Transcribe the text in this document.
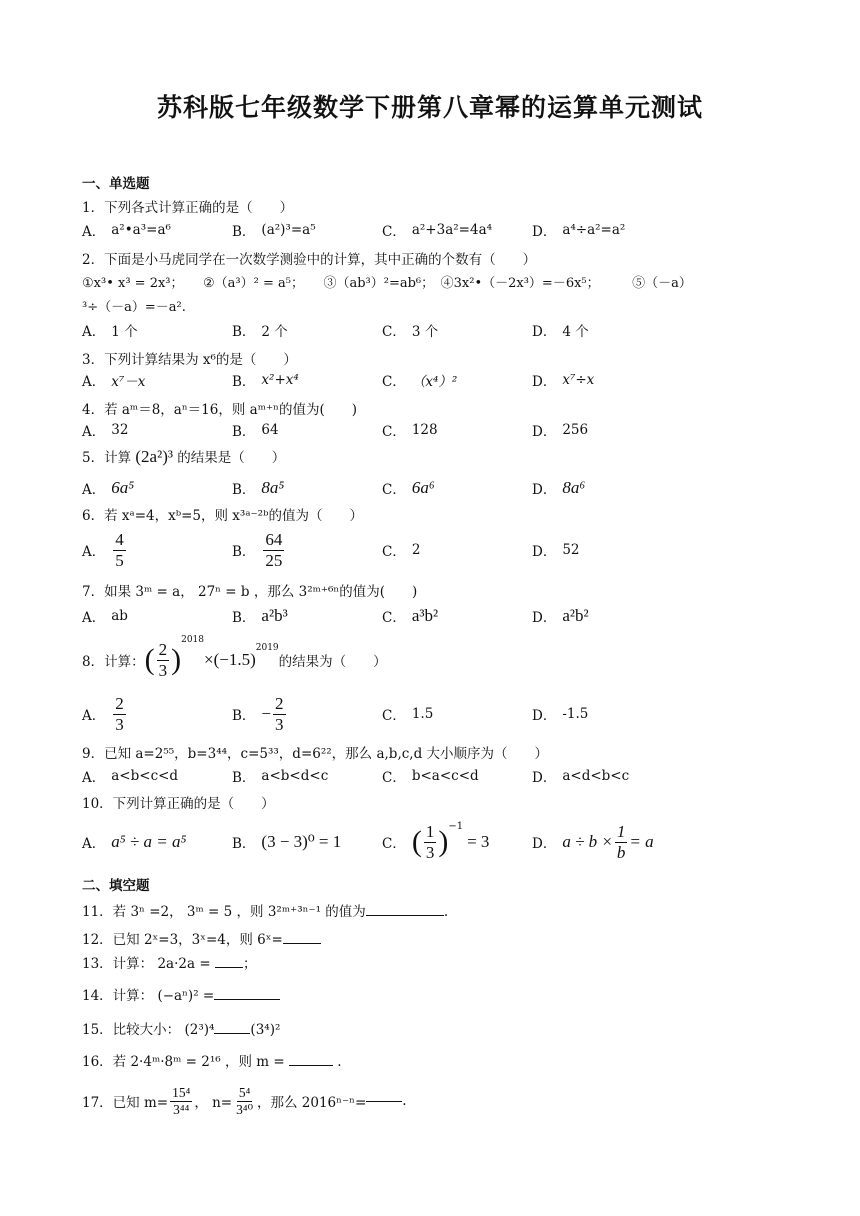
苏科版七年级数学下册第八章幂的运算单元测试
一、单选题
1．下列各式计算正确的是（　　）
A． a²•a³=a⁶	B． (a²)³=a⁵	C． a²+3a²=4a⁴	D． a⁴÷a²=a²
2．下面是小马虎同学在一次数学测验中的计算，其中正确的个数有（　　）
①x³• x³ = 2x³；　　②（a³）² = a⁵；　　③（ab³）²=ab⁶；　④3x²•（－2x³）=－6x⁵；　　　⑤（－a）
³÷（－a）=－a².
A． 1 个	B． 2 个	C． 3 个	D． 4 个
3．下列计算结果为 x⁶的是（　　）
A． x⁷－x	B． x²+x⁴	C． （x⁴）²	D． x⁷÷x
4．若 aᵐ＝8，aⁿ＝16，则 aᵐ⁺ⁿ的值为(　　)
A． 32	B． 64	C． 128	D． 256
5．计算 (2a²)³ 的结果是（　　）
A． 6a⁵	B． 8a⁵	C． 6a⁶	D． 8a⁶
6．若 xᵃ=4，xᵇ=5，则 x³ᵃ⁻²ᵇ的值为（　　）
A． $\frac{4}{5}$	B． $\frac{64}{25}$	C． 2	D． 52
7．如果 3ᵐ = a， 27ⁿ = b ，那么 3²ᵐ⁺⁶ⁿ的值为(　　)
A． ab	B． a²b³	C． a³b²	D． a²b²
8．计算： ( $\frac{2}{3}$ )
$^{2018}$
×(−1.5)
$^{2019}$
的结果为（　　）
A． $\frac{2}{3}$	B． − $\frac{2}{3}$	C． 1.5	D． -1.5
9．已知 a=2⁵⁵，b=3⁴⁴，c=5³³，d=6²²，那么 a,b,c,d 大小顺序为（　　）
A． a<b<c<d	B． a<b<d<c	C． b<a<c<d	D． a<d<b<c
10．下列计算正确的是（　　）
A． a⁵ ÷ a = a⁵	B． (3 − 3)⁰ = 1	C． ( $\frac{1}{3} )^{-1}$
= 3	D． $a \div b \times \frac{1}{b} = a$
二、填空题
11．若 3ⁿ =2， 3ᵐ = 5 ，则 3²ᵐ⁺³ⁿ⁻¹ 的值为	.
12．已知 2ˣ=3，3ˣ=4，则 6ˣ=
13．计算： 2a·2a = ；
14．计算： (−aⁿ)² =
15．比较大小： (2³)⁴	(3⁴)²
16．若 2·4ᵐ·8ᵐ = 2¹⁶ ，则 m =	.
17．已知 $m= \frac{\text{15⁴}}{\text{3⁴⁴}}$ ， $n= \frac{\text{5⁴}}{\text{3⁴⁰}}$ ，那么 2016ⁿ⁻ⁿ=	.
